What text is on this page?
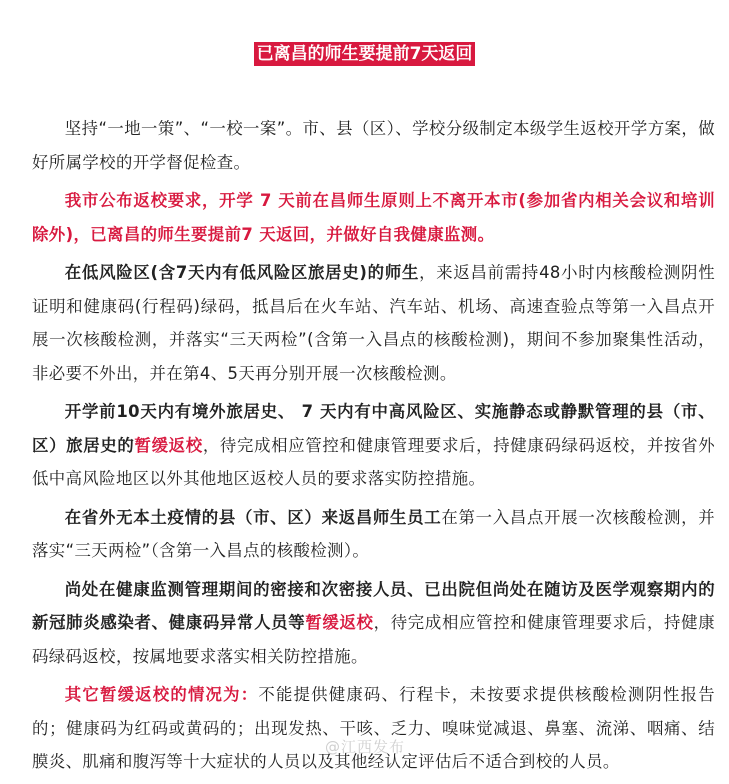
已离昌的师生要提前7天返回

坚持“一地一策”、“一校一案”。市、县（区）、学校分级制定本级学生返校开学方案，做好所属学校的开学督促检查。

我市公布返校要求，开学 7 天前在昌师生原则上不离开本市(参加省内相关会议和培训除外)，已离昌的师生要提前7 天返回，并做好自我健康监测。

在低风险区(含7天内有低风险区旅居史)的师生，来返昌前需持48小时内核酸检测阴性证明和健康码(行程码)绿码，抵昌后在火车站、汽车站、机场、高速查验点等第一入昌点开展一次核酸检测，并落实“三天两检”(含第一入昌点的核酸检测)，期间不参加聚集性活动， 非必要不外出，并在第4、5天再分别开展一次核酸检测。

开学前10天内有境外旅居史、 7 天内有中高风险区、实施静态或静默管理的县（市、区）旅居史的暂缓返校，待完成相应管控和健康管理要求后，持健康码绿码返校，并按省外低中高风险地区以外其他地区返校人员的要求落实防控措施。

在省外无本土疫情的县（市、区）来返昌师生员工在第一入昌点开展一次核酸检测，并落实“三天两检”（含第一入昌点的核酸检测）。

尚处在健康监测管理期间的密接和次密接人员、已出院但尚处在随访及医学观察期内的新冠肺炎感染者、健康码异常人员等暂缓返校，待完成相应管控和健康管理要求后，持健康码绿码返校，按属地要求落实相关防控措施。

其它暂缓返校的情况为：不能提供健康码、行程卡，未按要求提供核酸检测阴性报告的；健康码为红码或黄码的；出现发热、干咳、乏力、嗅味觉减退、鼻塞、流涕、咽痛、结膜炎、肌痛和腹泻等十大症状的人员以及其他经认定评估后不适合到校的人员。

@江西发布
